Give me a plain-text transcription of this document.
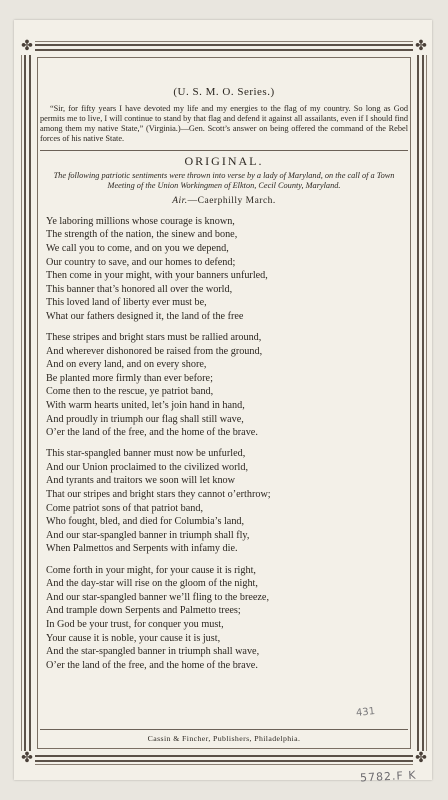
✤	✤
✤	✤
(U. S. M. O. Series.)

“Sir, for fifty years I have devoted my life and my energies to the flag of my country. So long as God permits me to live, I will continue to stand by that flag and defend it against all assailants, even if I should find among them my native State,” (Virginia.)—Gen. Scott’s answer on being offered the command of the Rebel forces of his native State.

ORIGINAL.

The following patriotic sentiments were thrown into verse by a lady of Maryland, on the call of a Town Meeting of the Union Workingmen of Elkton, Cecil County, Maryland.

Air.—Caerphilly March.
Ye laboring millions whose courage is known,
The strength of the nation, the sinew and bone,
We call you to come, and on you we depend,
Our country to save, and our homes to defend;
Then come in your might, with your banners unfurled,
This banner that’s honored all over the world,
This loved land of liberty ever must be,
What our fathers designed it, the land of the free
These stripes and bright stars must be rallied around,
And wherever dishonored be raised from the ground,
And on every land, and on every shore,
Be planted more firmly than ever before;
Come then to the rescue, ye patriot band,
With warm hearts united, let’s join hand in hand,
And proudly in triumph our flag shall still wave,
O’er the land of the free, and the home of the brave.
This star-spangled banner must now be unfurled,
And our Union proclaimed to the civilized world,
And tyrants and traitors we soon will let know
That our stripes and bright stars they cannot o’erthrow;
Come patriot sons of that patriot band,
Who fought, bled, and died for Columbia’s land,
And our star-spangled banner in triumph shall fly,
When Palmettos and Serpents with infamy die.
Come forth in your might, for your cause it is right,
And the day-star will rise on the gloom of the night,
And our star-spangled banner we’ll fling to the breeze,
And trample down Serpents and Palmetto trees;
In God be your trust, for conquer you must,
Your cause it is noble, your cause it is just,
And the star-spangled banner in triumph shall wave,
O’er the land of the free, and the home of the brave.
431
Cassin & Fincher, Publishers, Philadelphia.
5782.F K
